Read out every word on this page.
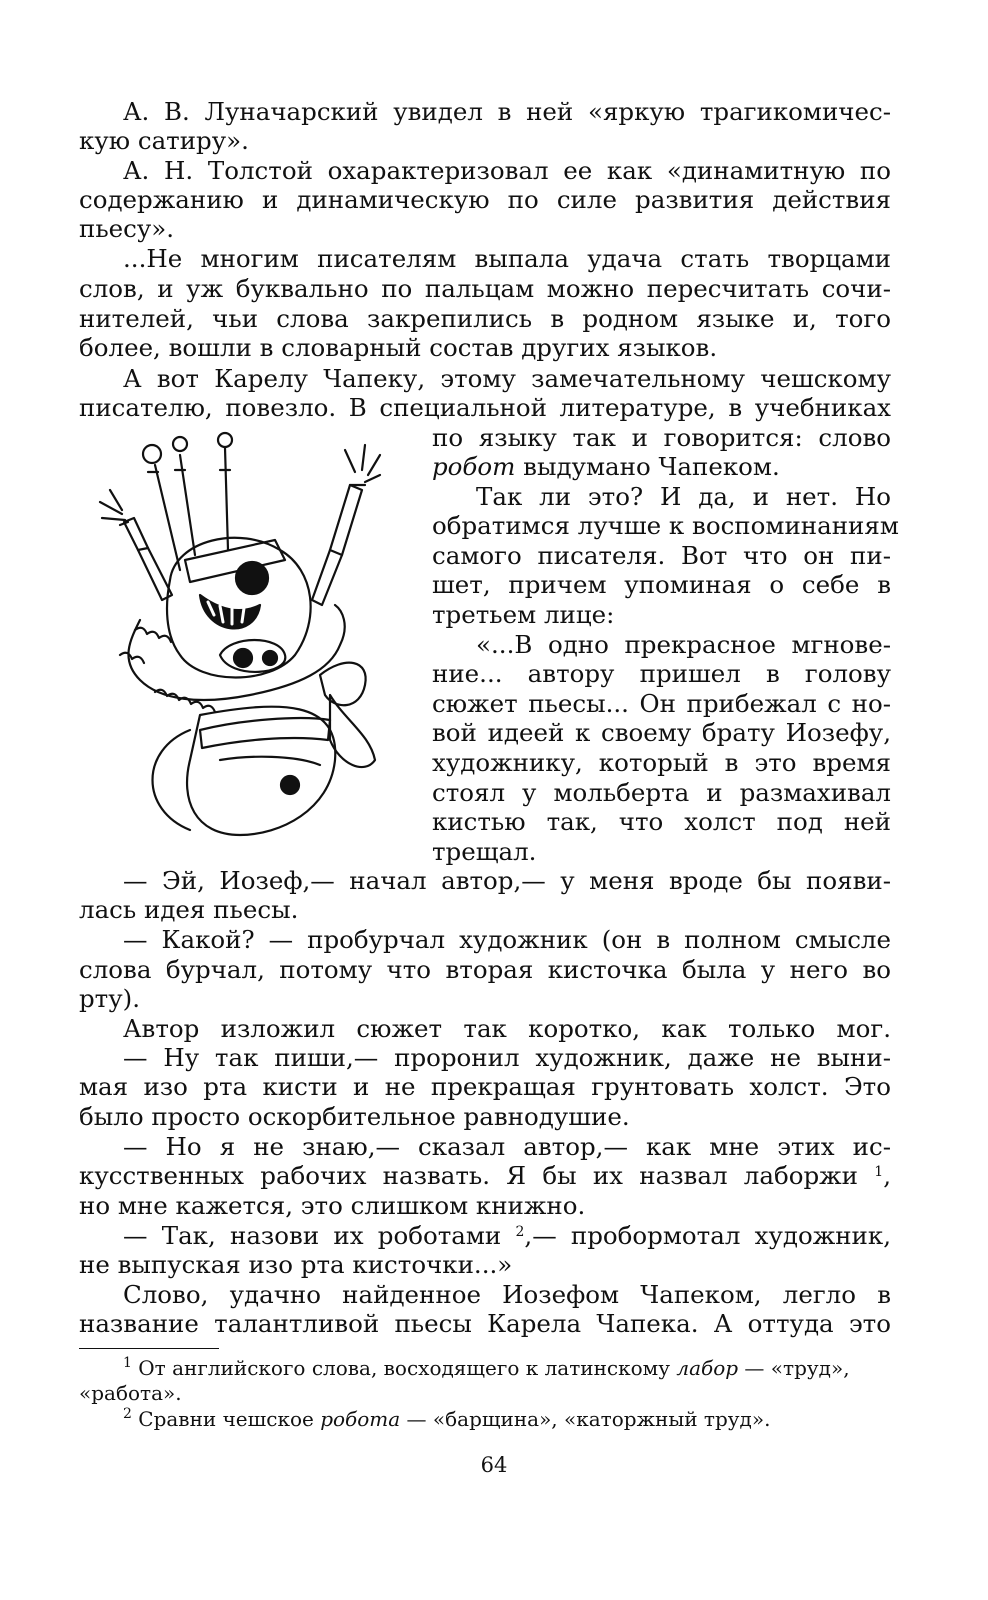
А. В. Луначарский увидел в ней «яркую трагикомичес-

кую сатиру».

А. Н. Толстой охарактеризовал ее как «динамитную по

содержанию и динамическую по силе развития действия

пьесу».

...Не многим писателям выпала удача стать творцами

слов, и уж буквально по пальцам можно пересчитать сочи-

нителей, чьи слова закрепились в родном языке и, того

более, вошли в словарный состав других языков.

А вот Карелу Чапеку, этому замечательному чешскому

писателю, повезло. В специальной литературе, в учебниках

по языку так и говорится: слово

робот выдумано Чапеком.

Так ли это? И да, и нет. Но

обратимся лучше к воспоминаниям

самого писателя. Вот что он пи-

шет, причем упоминая о себе в

третьем лице:

«...В одно прекрасное мгнове-

ние... автору пришел в голову

сюжет пьесы... Он прибежал с но-

вой идеей к своему брату Иозефу,

художнику, который в это время

стоял у мольберта и размахивал

кистью так, что холст под ней

трещал.

— Эй, Иозеф,— начал автор,— у меня вроде бы появи-

лась идея пьесы.

— Какой? — пробурчал художник (он в полном смысле

слова бурчал, потому что вторая кисточка была у него во

рту).

Автор изложил сюжет так коротко, как только мог.

— Ну так пиши,— проронил художник, даже не выни-

мая изо рта кисти и не прекращая грунтовать холст. Это

было просто оскорбительное равнодушие.

— Но я не знаю,— сказал автор,— как мне этих ис-

кусственных рабочих назвать. Я бы их назвал лаборжи $^1$,

но мне кажется, это слишком книжно.

— Так, назови их роботами $^2$,— пробормотал художник,

не выпуская изо рта кисточки...»

Слово, удачно найденное Иозефом Чапеком, легло в

название талантливой пьесы Карела Чапека. А оттуда это

$^1$ От английского слова, восходящего к латинскому лабор — «труд»,

«работа».

$^2$ Сравни чешское робота — «барщина», «каторжный труд».

64
